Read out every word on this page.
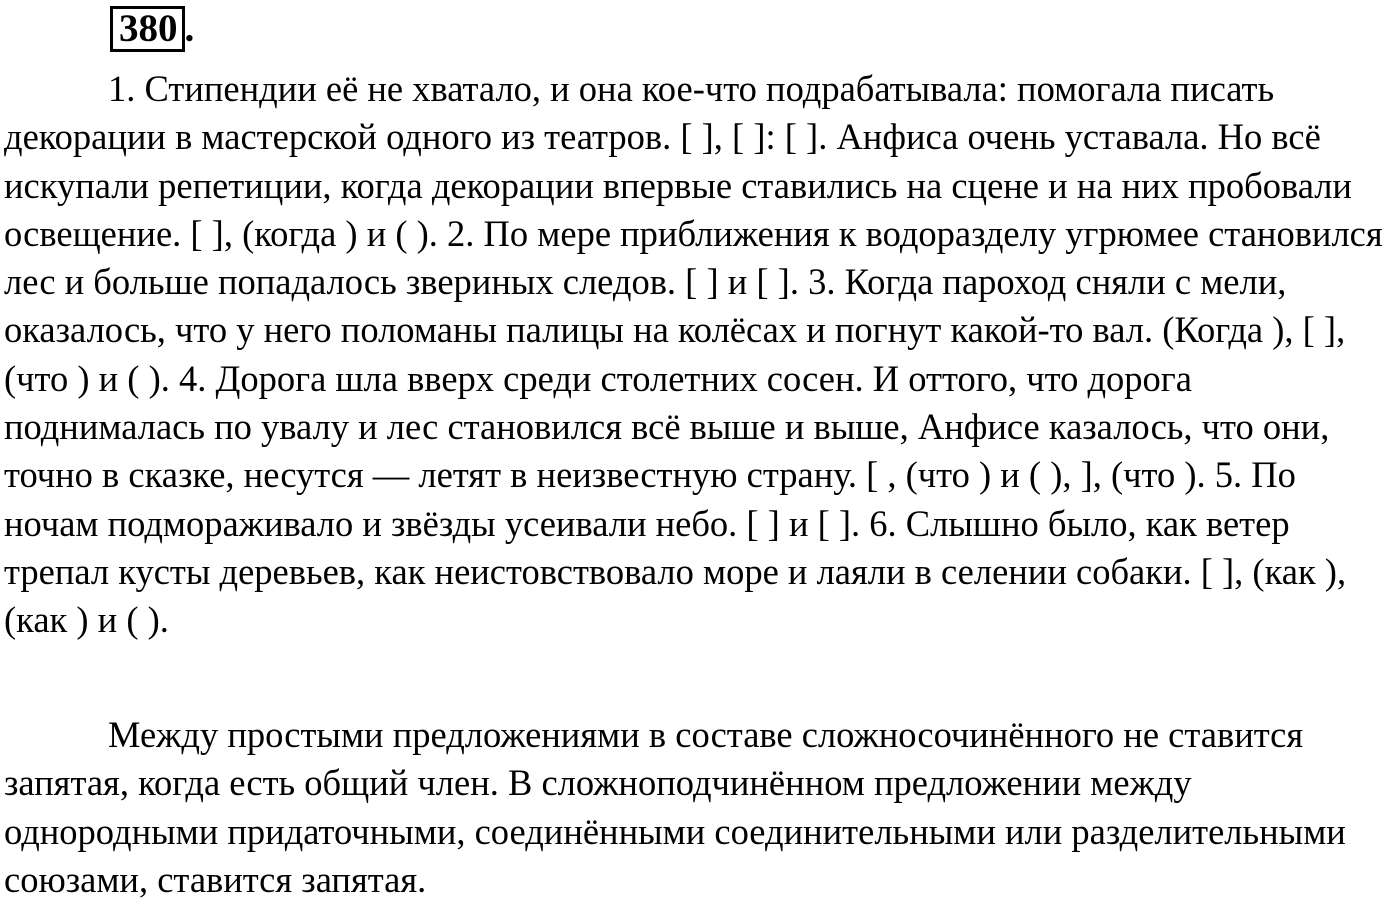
380 .

1. Стипендии её не хватало, и она кое-что подрабатывала: помогала писать декорации в мастерской одного из театров. [ ], [ ]: [ ]. Анфиса очень уставала. Но всё искупали репетиции, когда декорации впервые ставились на сцене и на них пробовали освещение. [ ], (когда ) и ( ). 2. По мере приближения к водоразделу угрюмее становился лес и больше попадалось звериных следов. [ ] и [ ]. 3. Когда пароход сняли с мели, оказалось, что у него поломаны палицы на колёсах и погнут какой-то вал. (Когда ), [ ], (что ) и ( ). 4. Дорога шла вверх среди столетних сосен. И оттого, что дорога поднималась по увалу и лес становился всё выше и выше, Анфисе казалось, что они, точно в сказке, несутся — летят в неизвестную страну. [ , (что ) и ( ), ], (что ). 5. По ночам подмораживало и звёзды усеивали небо. [ ] и [ ]. 6. Слышно было, как ветер трепал кусты деревьев, как неистовствовало море и лаяли в селении собаки. [ ], (как ), (как ) и ( ).

Между простыми предложениями в составе сложносочинённого не ставится запятая, когда есть общий член. В сложноподчинённом предложении между однородными придаточными, соединёнными соединительными или разделительными союзами, ставится запятая.
